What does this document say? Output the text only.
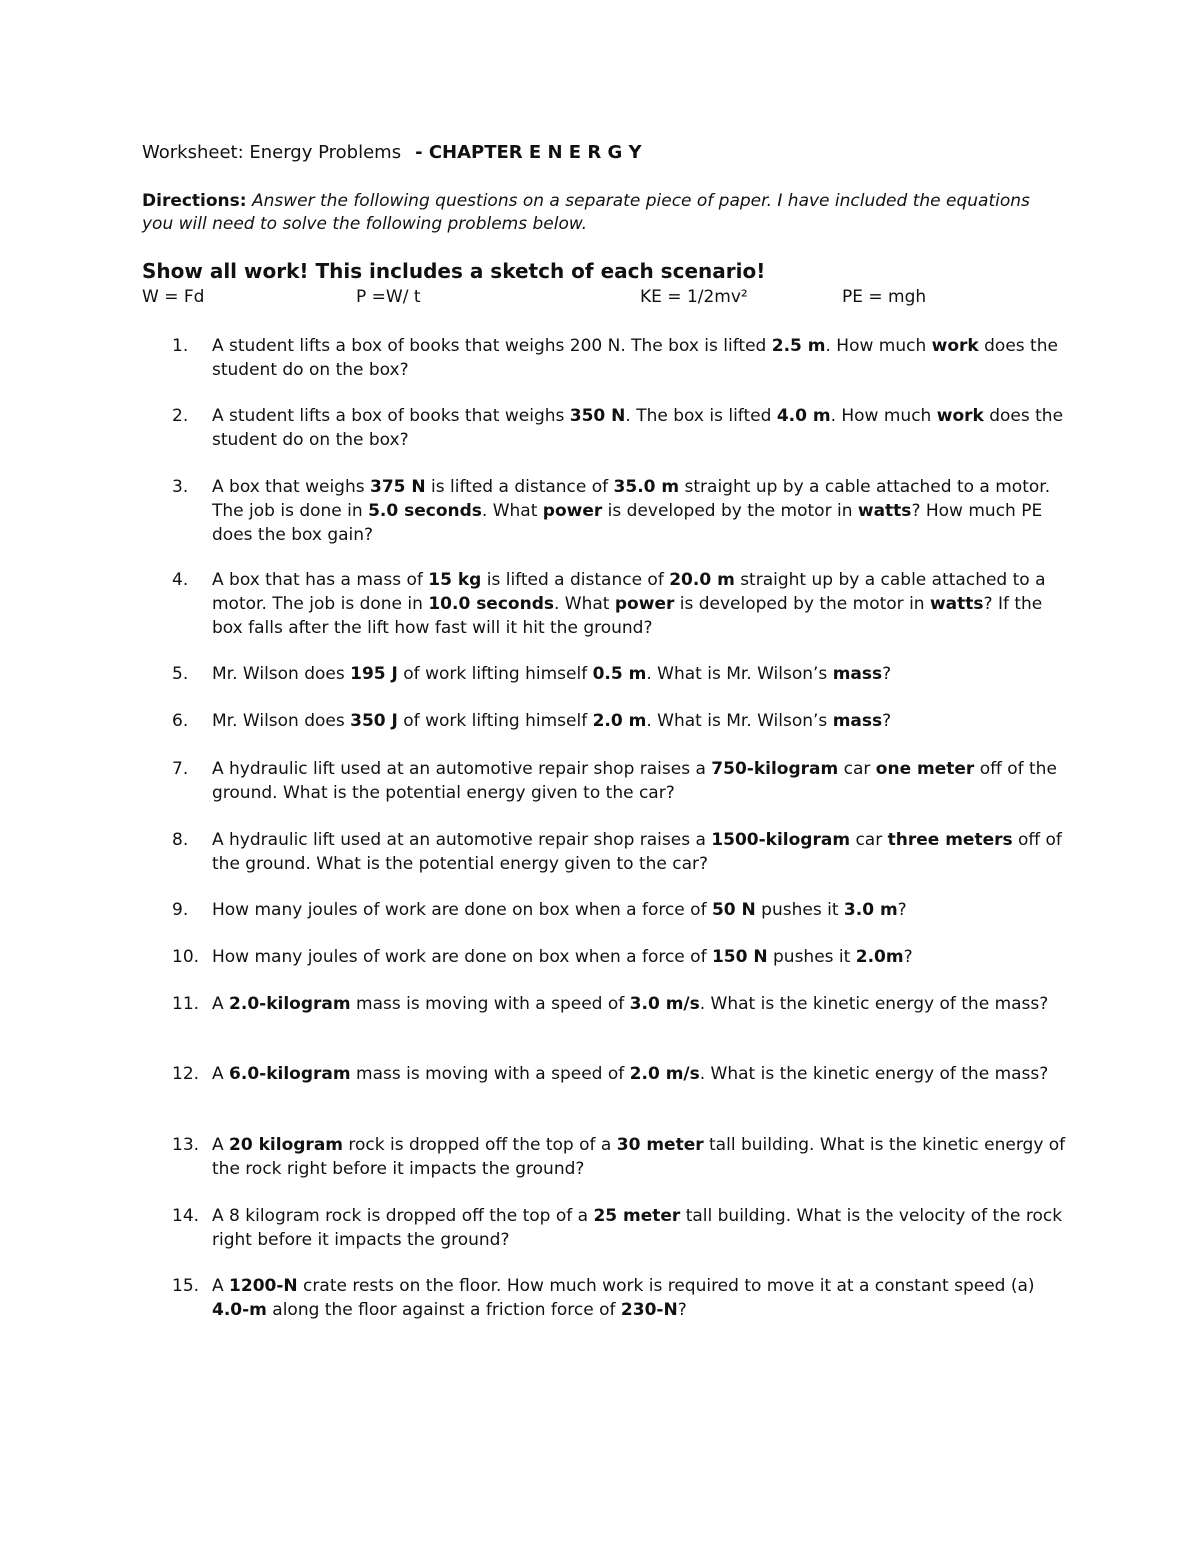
Worksheet: Energy Problems - CHAPTER E N E R G Y
Directions: Answer the following questions on a separate piece of paper. I have included the equations you will need to solve the following problems below.
Show all work! This includes a sketch of each scenario!
W = Fd	P =W/ t	KE = 1/2mv²	PE = mgh
1.	A student lifts a box of books that weighs 200 N. The box is lifted 2.5 m. How much work does the student do on the box?
2.	A student lifts a box of books that weighs 350 N. The box is lifted 4.0 m. How much work does the student do on the box?
3.	A box that weighs 375 N is lifted a distance of 35.0 m straight up by a cable attached to a motor. The job is done in 5.0 seconds. What power is developed by the motor in watts? How much PE does the box gain?
4.	A box that has a mass of 15 kg is lifted a distance of 20.0 m straight up by a cable attached to a motor. The job is done in 10.0 seconds. What power is developed by the motor in watts? If the box falls after the lift how fast will it hit the ground?
5.	Mr. Wilson does 195 J of work lifting himself 0.5 m. What is Mr. Wilson’s mass?
6.	Mr. Wilson does 350 J of work lifting himself 2.0 m. What is Mr. Wilson’s mass?
7.	A hydraulic lift used at an automotive repair shop raises a 750-kilogram car one meter off of the ground. What is the potential energy given to the car?
8.	A hydraulic lift used at an automotive repair shop raises a 1500-kilogram car three meters off of the ground. What is the potential energy given to the car?
9.	How many joules of work are done on box when a force of 50 N pushes it 3.0 m?
10. How many joules of work are done on box when a force of 150 N pushes it 2.0m?
11. A 2.0-kilogram mass is moving with a speed of 3.0 m/s. What is the kinetic energy of the mass?
12. A 6.0-kilogram mass is moving with a speed of 2.0 m/s. What is the kinetic energy of the mass?
13. A 20 kilogram rock is dropped off the top of a 30 meter tall building. What is the kinetic energy of the rock right before it impacts the ground?
14. A 8 kilogram rock is dropped off the top of a 25 meter tall building. What is the velocity of the rock right before it impacts the ground?
15. A 1200-N crate rests on the floor. How much work is required to move it at a constant speed (a) 4.0-m along the floor against a friction force of 230-N?
